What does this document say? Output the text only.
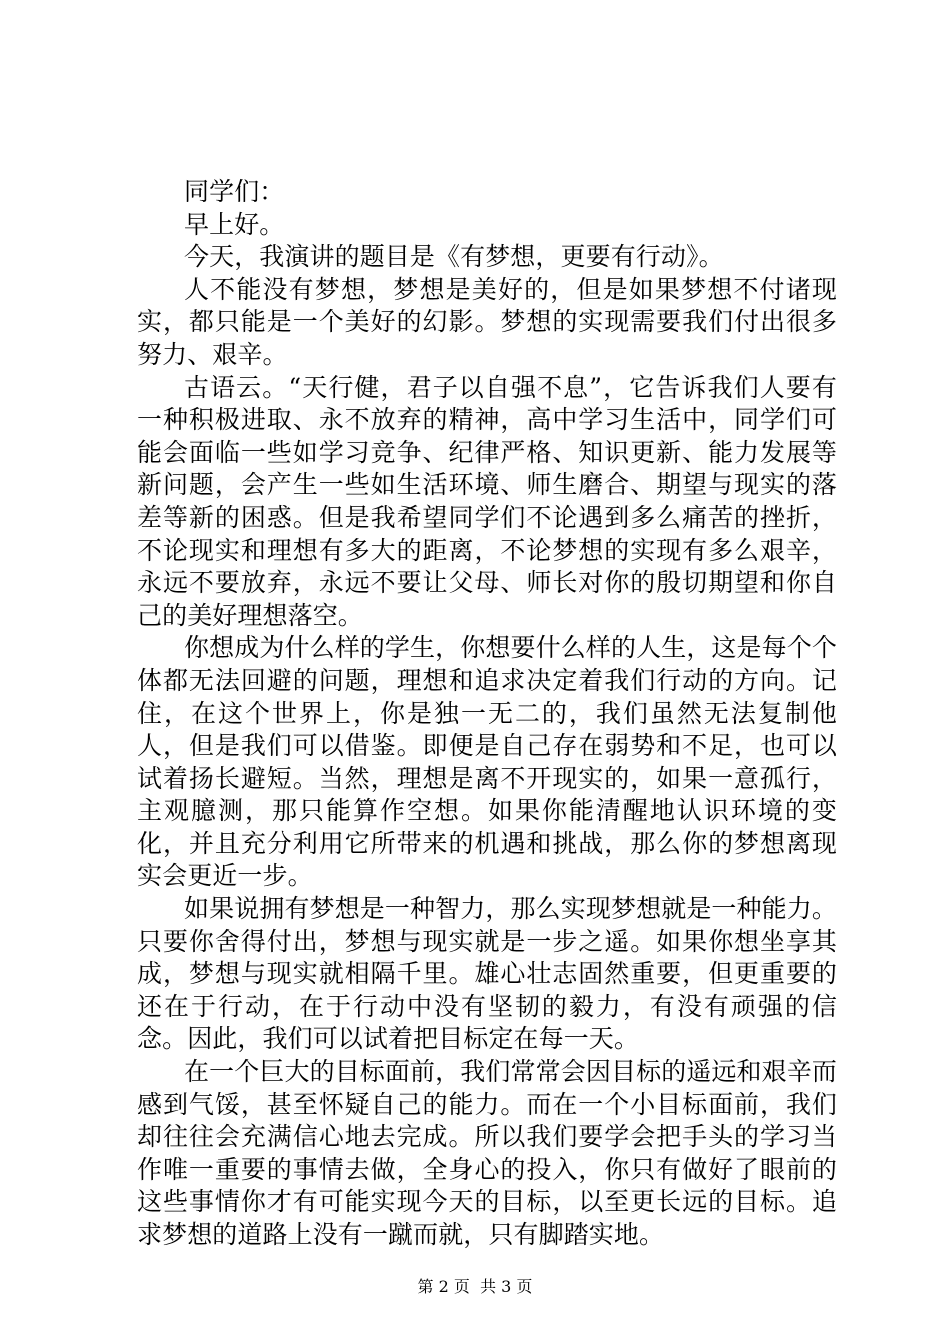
同学们：

早上好。

今天，我演讲的题目是《有梦想，更要有行动》。

人不能没有梦想，梦想是美好的，但是如果梦想不付诸现实，都只能是一个美好的幻影。梦想的实现需要我们付出很多努力、艰辛。

古语云。“天行健，君子以自强不息”，它告诉我们人要有一种积极进取、永不放弃的精神，高中学习生活中，同学们可能会面临一些如学习竞争、纪律严格、知识更新、能力发展等新问题，会产生一些如生活环境、师生磨合、期望与现实的落差等新的困惑。但是我希望同学们不论遇到多么痛苦的挫折，不论现实和理想有多大的距离，不论梦想的实现有多么艰辛，永远不要放弃，永远不要让父母、师长对你的殷切期望和你自己的美好理想落空。

你想成为什么样的学生，你想要什么样的人生，这是每个个体都无法回避的问题，理想和追求决定着我们行动的方向。记住，在这个世界上，你是独一无二的，我们虽然无法复制他人，但是我们可以借鉴。即便是自己存在弱势和不足，也可以试着扬长避短。当然，理想是离不开现实的，如果一意孤行，主观臆测，那只能算作空想。如果你能清醒地认识环境的变化，并且充分利用它所带来的机遇和挑战，那么你的梦想离现实会更近一步。

如果说拥有梦想是一种智力，那么实现梦想就是一种能力。只要你舍得付出，梦想与现实就是一步之遥。如果你想坐享其成，梦想与现实就相隔千里。雄心壮志固然重要，但更重要的还在于行动，在于行动中没有坚韧的毅力，有没有顽强的信念。因此，我们可以试着把目标定在每一天。

在一个巨大的目标面前，我们常常会因目标的遥远和艰辛而感到气馁，甚至怀疑自己的能力。而在一个小目标面前，我们却往往会充满信心地去完成。所以我们要学会把手头的学习当作唯一重要的事情去做，全身心的投入，你只有做好了眼前的这些事情你才有可能实现今天的目标，以至更长远的目标。追求梦想的道路上没有一蹴而就，只有脚踏实地。

第 2 页  共 3 页
